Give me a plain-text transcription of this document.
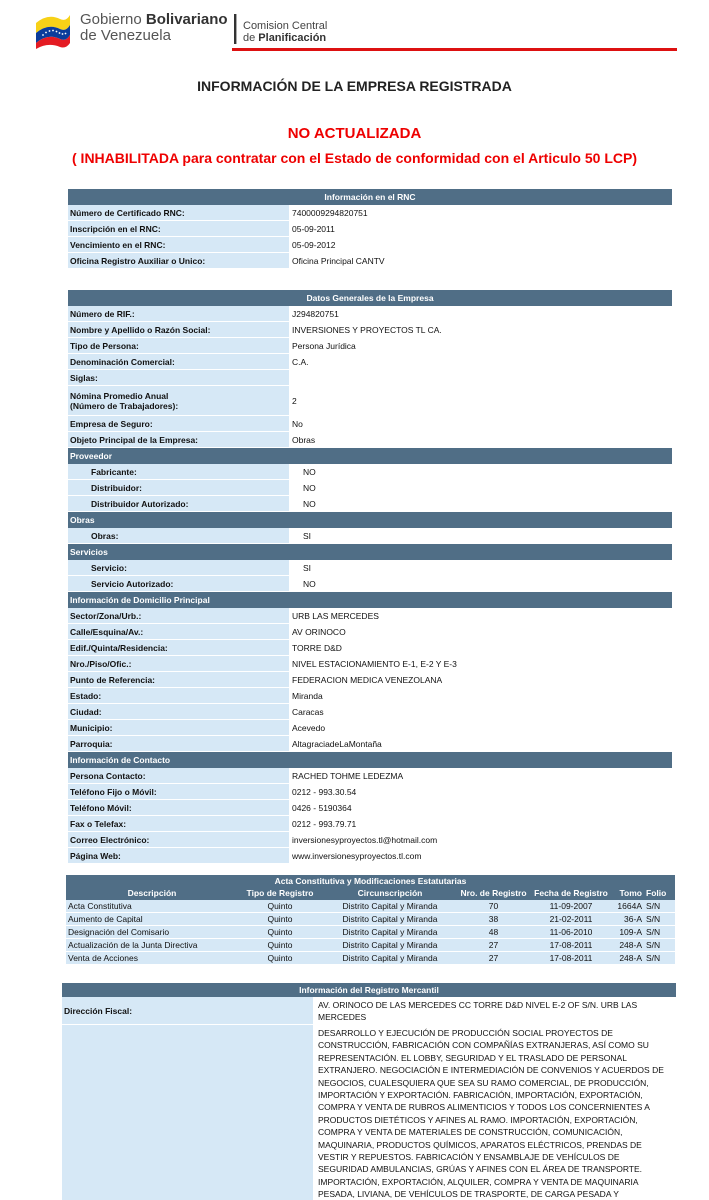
Gobierno Bolivariano
de Venezuela
Comision Central
de Planificación
INFORMACIÓN DE LA EMPRESA REGISTRADA
NO ACTUALIZADA
( INHABILITADA para contratar con el Estado de conformidad con el Articulo 50 LCP)
Información en el RNC
Número de Certificado RNC:	7400009294820751
Inscripción en el RNC:	05-09-2011
Vencimiento en el RNC:	05-09-2012
Oficina Registro Auxiliar o Unico:	Oficina Principal CANTV
Datos Generales de la Empresa
Número de RIF.:	J294820751
Nombre y Apellido o Razón Social:	INVERSIONES Y PROYECTOS TL CA.
Tipo de Persona:	Persona Jurídica
Denominación Comercial:	C.A.
Siglas:
Nómina Promedio Anual
(Número de Trabajadores):	2
Empresa de Seguro:	No
Objeto Principal de la Empresa:	Obras
Proveedor
Fabricante:	NO
Distribuidor:	NO
Distribuidor Autorizado:	NO
Obras
Obras:	SI
Servicios
Servicio:	SI
Servicio Autorizado:	NO
Información de Domicilio Principal
Sector/Zona/Urb.:	URB LAS MERCEDES
Calle/Esquina/Av.:	AV ORINOCO
Edif./Quinta/Residencia:	TORRE D&D
Nro./Piso/Ofic.:	NIVEL ESTACIONAMIENTO E-1, E-2 Y E-3
Punto de Referencia:	FEDERACION MEDICA VENEZOLANA
Estado:	Miranda
Ciudad:	Caracas
Municipio:	Acevedo
Parroquia:	AltagraciadeLaMontaña
Información de Contacto
Persona Contacto:	RACHED TOHME LEDEZMA
Teléfono Fijo o Móvil:	0212 - 993.30.54
Teléfono Móvil:	0426 - 5190364
Fax o Telefax:	0212 - 993.79.71
Correo Electrónico:	inversionesyproyectos.tl@hotmail.com
Página Web:	www.inversionesyproyectos.tl.com
Acta Constitutiva y Modificaciones Estatutarias
Descripción	Tipo de Registro	Circunscripción	Nro. de Registro Fecha de Registro	Tomo Folio
Acta Constitutiva	Quinto	Distrito Capital y Miranda	70	11-09-2007	1664A S/N
Aumento de Capital	Quinto	Distrito Capital y Miranda	38	21-02-2011	36-A S/N
Designación del Comisario	Quinto	Distrito Capital y Miranda	48	11-06-2010	109-A S/N
Actualización de la Junta Directiva	Quinto	Distrito Capital y Miranda	27	17-08-2011	248-A S/N
Venta de Acciones	Quinto	Distrito Capital y Miranda	27	17-08-2011	248-A S/N
Información del Registro Mercantil
Dirección Fiscal:
AV. ORINOCO DE LAS MERCEDES CC TORRE D&D NIVEL E-2 OF S/N. URB LAS MERCEDES
DESARROLLO Y EJECUCIÓN DE PRODUCCIÓN SOCIAL PROYECTOS DE CONSTRUCCIÓN, FABRICACIÓN CON COMPAÑÍAS EXTRANJERAS, ASÍ COMO SU REPRESENTACIÓN. EL LOBBY, SEGURIDAD Y EL TRASLADO DE PERSONAL EXTRANJERO. NEGOCIACIÓN E INTERMEDIACIÓN DE CONVENIOS Y ACUERDOS DE NEGOCIOS, CUALESQUIERA QUE SEA SU RAMO COMERCIAL, DE PRODUCCIÓN, IMPORTACIÓN Y EXPORTACIÓN. FABRICACIÓN, IMPORTACIÓN, EXPORTACIÓN, COMPRA Y VENTA DE RUBROS ALIMENTICIOS Y TODOS LOS CONCERNIENTES A PRODUCTOS DIETÉTICOS Y AFINES AL RAMO. IMPORTACIÓN, EXPORTACIÓN, COMPRA Y VENTA DE MATERIALES DE CONSTRUCCIÓN, COMUNICACIÓN, MAQUINARIA, PRODUCTOS QUÍMICOS, APARATOS ELÉCTRICOS, PRENDAS DE VESTIR Y REPUESTOS. FABRICACIÓN Y ENSAMBLAJE DE VEHÍCULOS DE SEGURIDAD AMBULANCIAS, GRÚAS Y AFINES CON EL ÁREA DE TRANSPORTE. IMPORTACIÓN, EXPORTACIÓN, ALQUILER, COMPRA Y VENTA DE MAQUINARIA PESADA, LIVIANA, DE VEHÍCULOS DE TRASPORTE, DE CARGA PESADA Y
